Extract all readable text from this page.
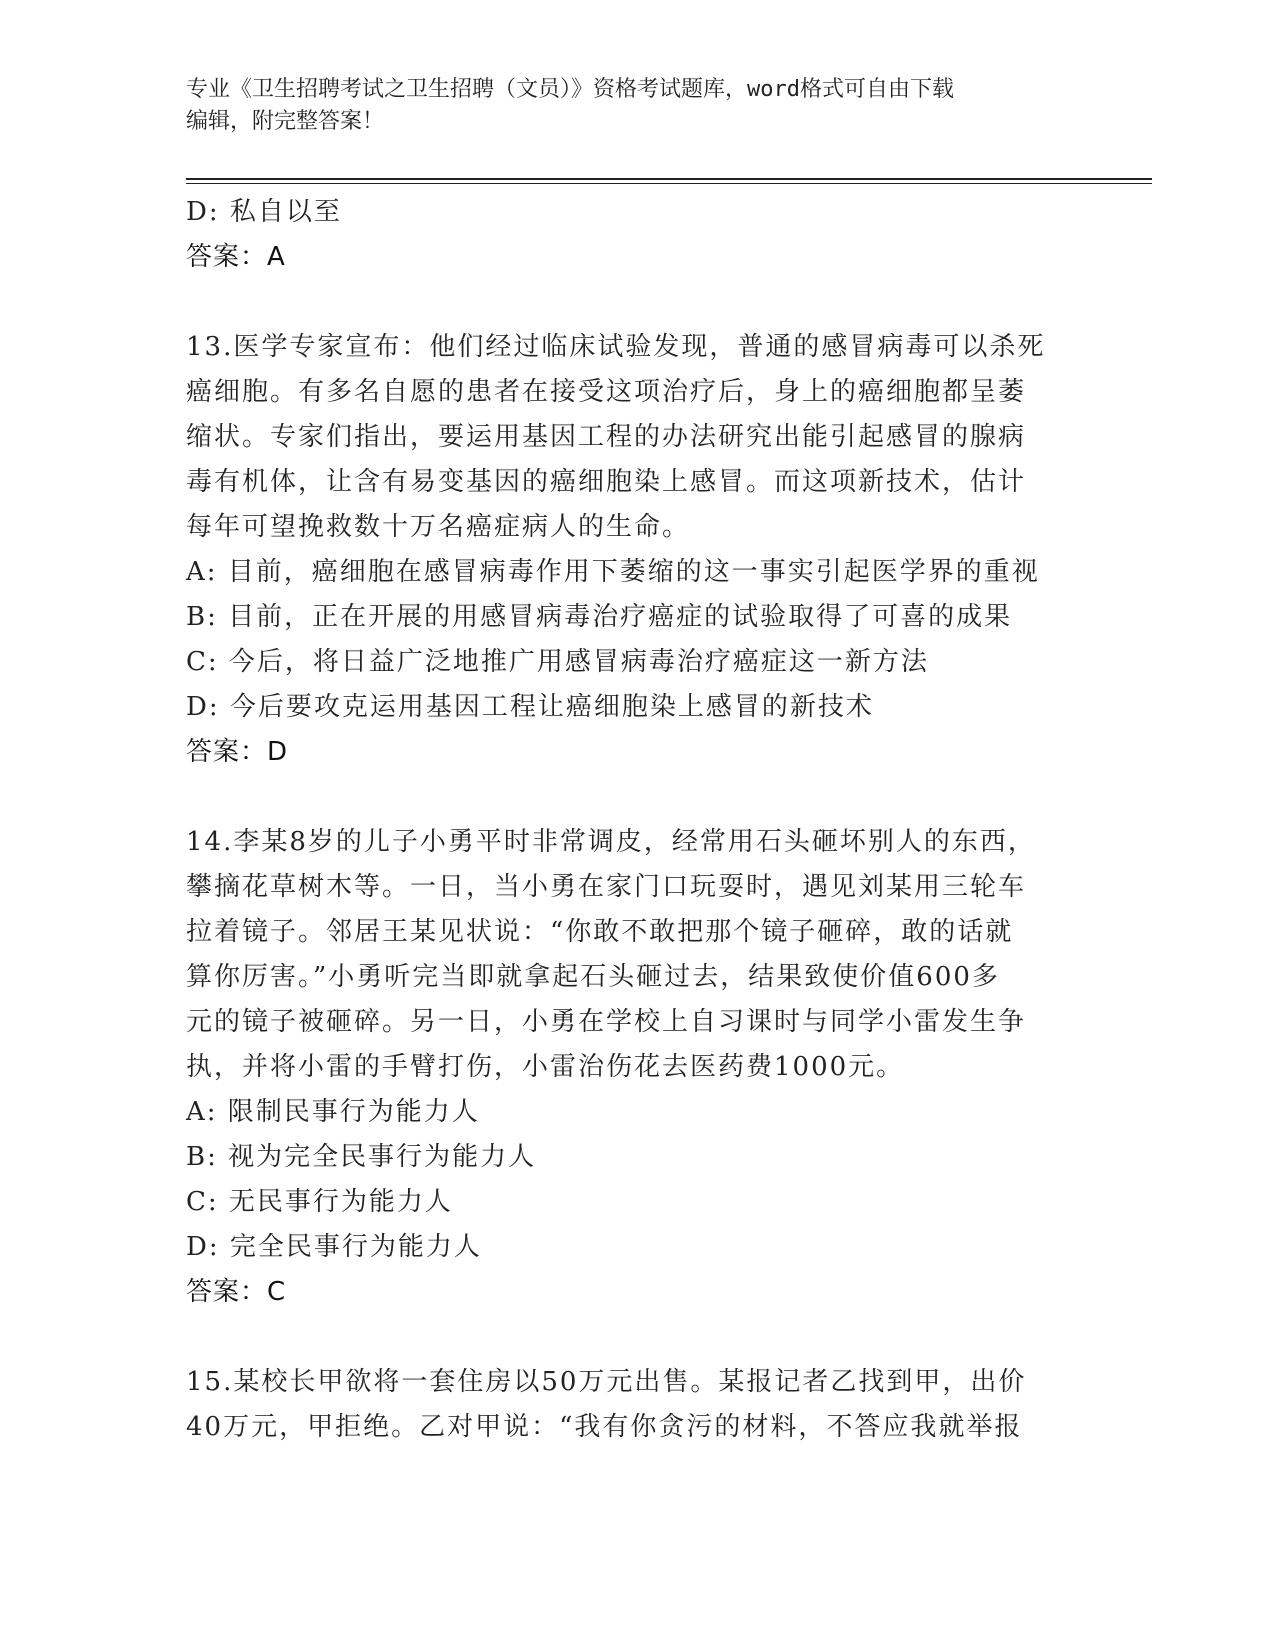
专业《卫生招聘考试之卫生招聘（文员）》资格考试题库，word格式可自由下载
编辑，附完整答案！
D: 私自以至
答案：A
13.医学专家宣布：他们经过临床试验发现，普通的感冒病毒可以杀死
癌细胞。有多名自愿的患者在接受这项治疗后，身上的癌细胞都呈萎
缩状。专家们指出，要运用基因工程的办法研究出能引起感冒的腺病
毒有机体，让含有易变基因的癌细胞染上感冒。而这项新技术，估计
每年可望挽救数十万名癌症病人的生命。
A: 目前，癌细胞在感冒病毒作用下萎缩的这一事实引起医学界的重视
B: 目前，正在开展的用感冒病毒治疗癌症的试验取得了可喜的成果
C: 今后，将日益广泛地推广用感冒病毒治疗癌症这一新方法
D: 今后要攻克运用基因工程让癌细胞染上感冒的新技术
答案：D
14.李某8岁的儿子小勇平时非常调皮，经常用石头砸坏别人的东西，
攀摘花草树木等。一日，当小勇在家门口玩耍时，遇见刘某用三轮车
拉着镜子。邻居王某见状说：“你敢不敢把那个镜子砸碎，敢的话就
算你厉害。”小勇听完当即就拿起石头砸过去，结果致使价值600多
元的镜子被砸碎。另一日，小勇在学校上自习课时与同学小雷发生争
执，并将小雷的手臂打伤，小雷治伤花去医药费1000元。
A: 限制民事行为能力人
B: 视为完全民事行为能力人
C: 无民事行为能力人
D: 完全民事行为能力人
答案：C
15.某校长甲欲将一套住房以50万元出售。某报记者乙找到甲，出价
40万元，甲拒绝。乙对甲说：“我有你贪污的材料，不答应我就举报
